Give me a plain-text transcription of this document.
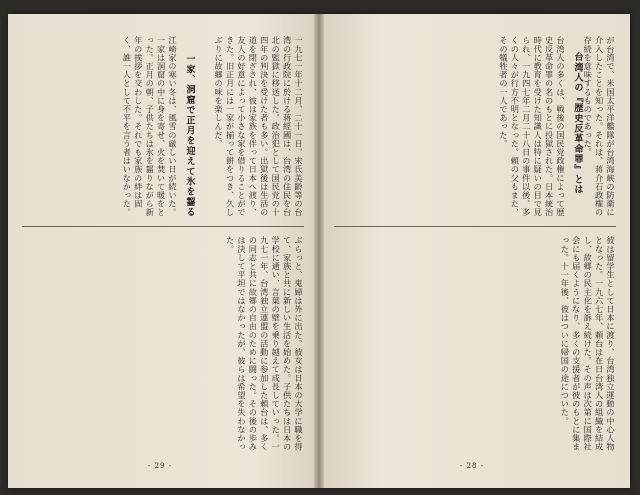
が台湾で、米国太平洋艦隊が台湾海峡の防衛に介入したことを知った。それは、蒋介石政権の存続を意味するものであった。
台湾人の『歴史反革命罪』とは
台湾人の多くは、戦後の国民党政権によって歴史反革命罪の名のもとに投獄された。日本統治時代に教育を受けた知識人は特に疑いの目で見られ、一九四七年二月二十八日の事件以後、多くの人々が行方不明となった。頼の父もまた、その犠牲者の一人であった。
彼は留学生として日本に渡り、台湾独立運動の中心人物となった。一九六七年、頼台は在日台湾人の組織を結成し、故郷の民主化を訴え続けた。その声は次第に国際社会にも届くようになり、多くの支援者が彼のもとに集まった。十一年後、彼はついに帰国の途についた。
- 28 -
一九七一年十二月、二十一日、宋氏美齡等の台湾の行政院に於ける蒋經國は、台湾の住民を台北の監獄に移送した。政治犯として国民党の十四年の判決を受けた者も多い。出獄後は生活の道を閉ざされ、彼は家族を伴って日本へ渡り、友人の好意によって小さな家を借りることができた。旧正月には一家が揃って餅をつき、久しぶりに故郷の味を楽しんだ。
一家、洞窟で正月を迎えて氷を齧る
江崎家の寒い冬は、風雪の厳しい日が続いた。一家は洞窟の中に身を寄せ、火を焚いて暖をとった。正月の朝、子供たちは氷を齧りながら新年の挨拶を交わした。それでも家族の絆は固く、誰一人として不平を言う者はいなかった。
ぶらっと、鬼婦は外に出た。彼女は日本の大学に職を得て、家族と共に新しい生活を始めた。子供たちは日本の学校に通い、言葉の壁を乗り越えて成長していった。一九七一年、台湾独立連盟の活動に参加した頼台は、多くの同志と共に故郷の自由のために闘った。その後の歩みは決して平坦ではなかったが、彼らは希望を失わなかった。
- 29 -
